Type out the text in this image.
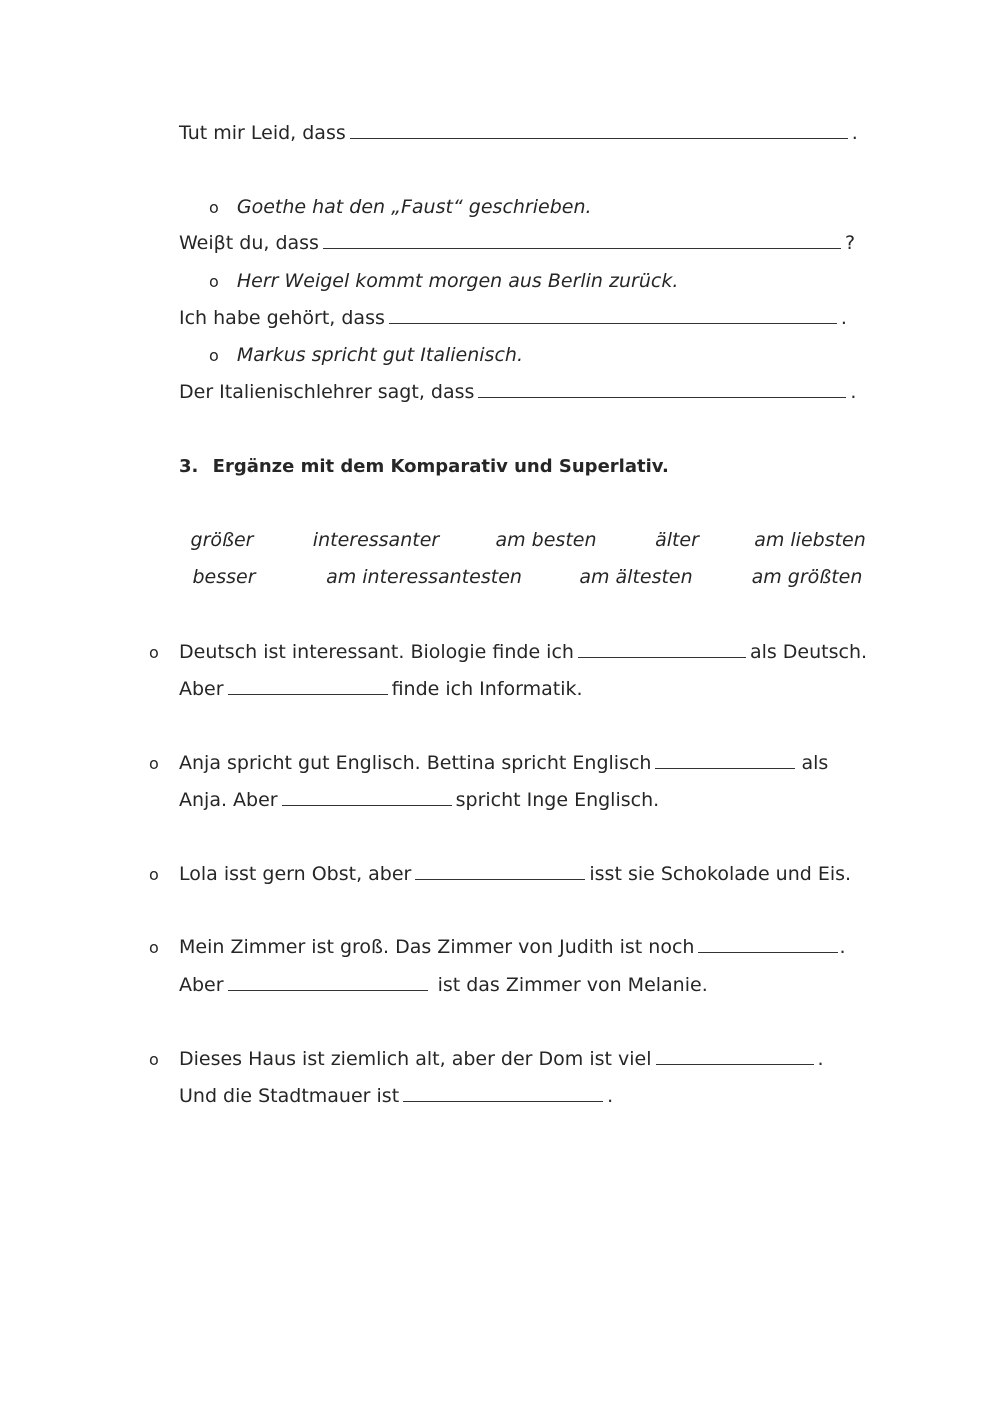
Tut mir Leid, dass	.
o Goethe hat den „Faust“ geschrieben.
Weiβt du, dass	?
o Herr Weigel kommt morgen aus Berlin zurück.
Ich habe gehört, dass	.
o Markus spricht gut Italienisch.
Der Italienischlehrer sagt, dass	.
3. Ergänze mit dem Komparativ und Superlativ.
größer	interessanter	am besten	älter	am liebsten
besser	am interessantesten	am ältesten	am größten
o Deutsch ist interessant. Biologie finde ich	als Deutsch.
Aber	finde ich Informatik.
o Anja spricht gut Englisch. Bettina spricht Englisch	als
Anja. Aber	spricht Inge Englisch.
o Lola isst gern Obst, aber	isst sie Schokolade und Eis.
o Mein Zimmer ist groß. Das Zimmer von Judith ist noch	.
Aber	ist das Zimmer von Melanie.
o Dieses Haus ist ziemlich alt, aber der Dom ist viel	.
Und die Stadtmauer ist	.
